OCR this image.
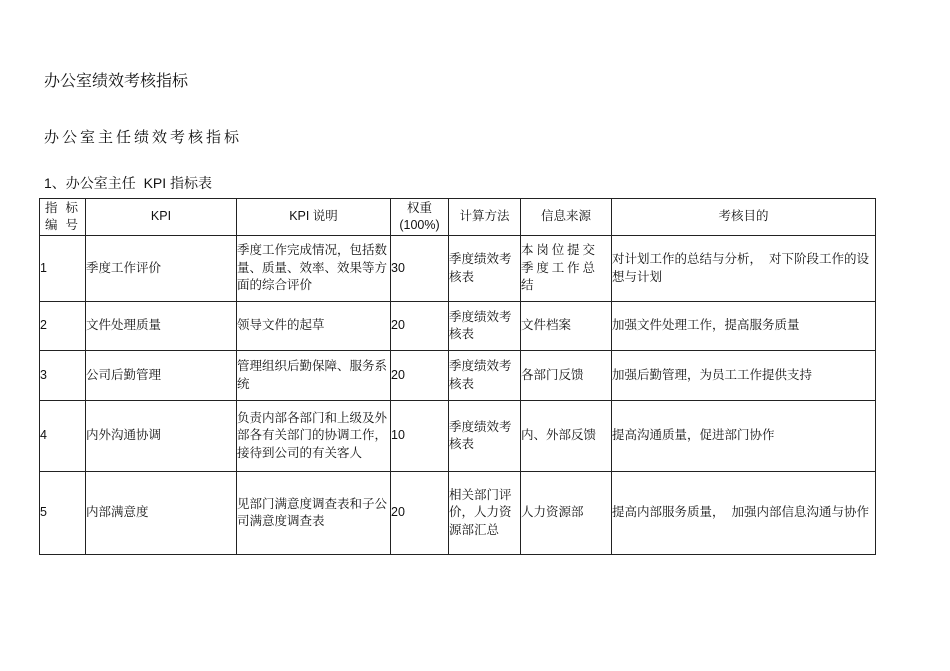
办公室绩效考核指标
办公室主任绩效考核指标
1、办公室主任  KPI 指标表
指 标 编 号	KPI	KPI 说明	权重 (100%)	计算方法	信息来源	考核目的
1	季度工作评价	季度工作完成情况，包括数量、质量、效率、效果等方面的综合评价	30	季度绩效考核表	本岗位提交季度工作总结	对计划工作的总结与分析，  对下阶段工作的设想与计划
2	文件处理质量	领导文件的起草	20	季度绩效考核表	文件档案	加强文件处理工作，提高服务质量
3	公司后勤管理	管理组织后勤保障、服务系统	20	季度绩效考核表	各部门反馈	加强后勤管理，为员工工作提供支持
4	内外沟通协调	负责内部各部门和上级及外部各有关部门的协调工作，接待到公司的有关客人	10	季度绩效考核表	内、外部反馈	提高沟通质量，促进部门协作
5	内部满意度	见部门满意度调查表和子公司满意度调查表	20	相关部门评价，人力资源部汇总	人力资源部	提高内部服务质量，  加强内部信息沟通与协作
